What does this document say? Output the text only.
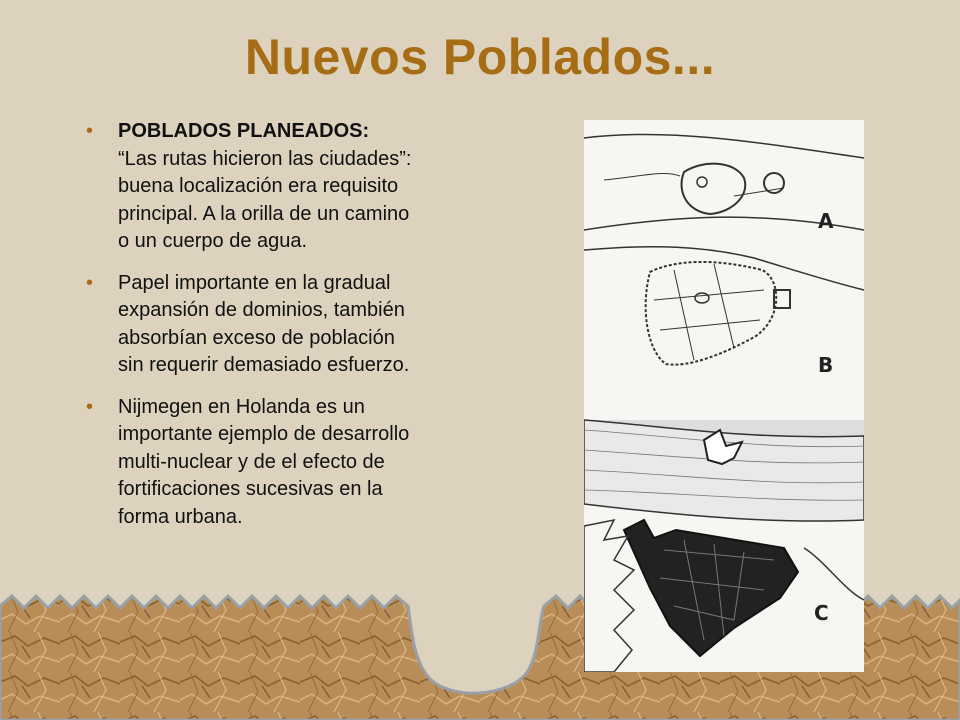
Nuevos Poblados...
• POBLADOS PLANEADOS:
“Las rutas hicieron las ciudades”:
buena localización era requisito
principal. A la orilla de un camino
o un cuerpo de agua.
• Papel importante en la gradual
expansión de dominios, también
absorbían exceso de población
sin requerir demasiado esfuerzo.
• Nijmegen en Holanda es un
importante ejemplo de desarrollo
multi-nuclear y de el efecto de
fortificaciones sucesivas en la
forma urbana.
A
B
C
